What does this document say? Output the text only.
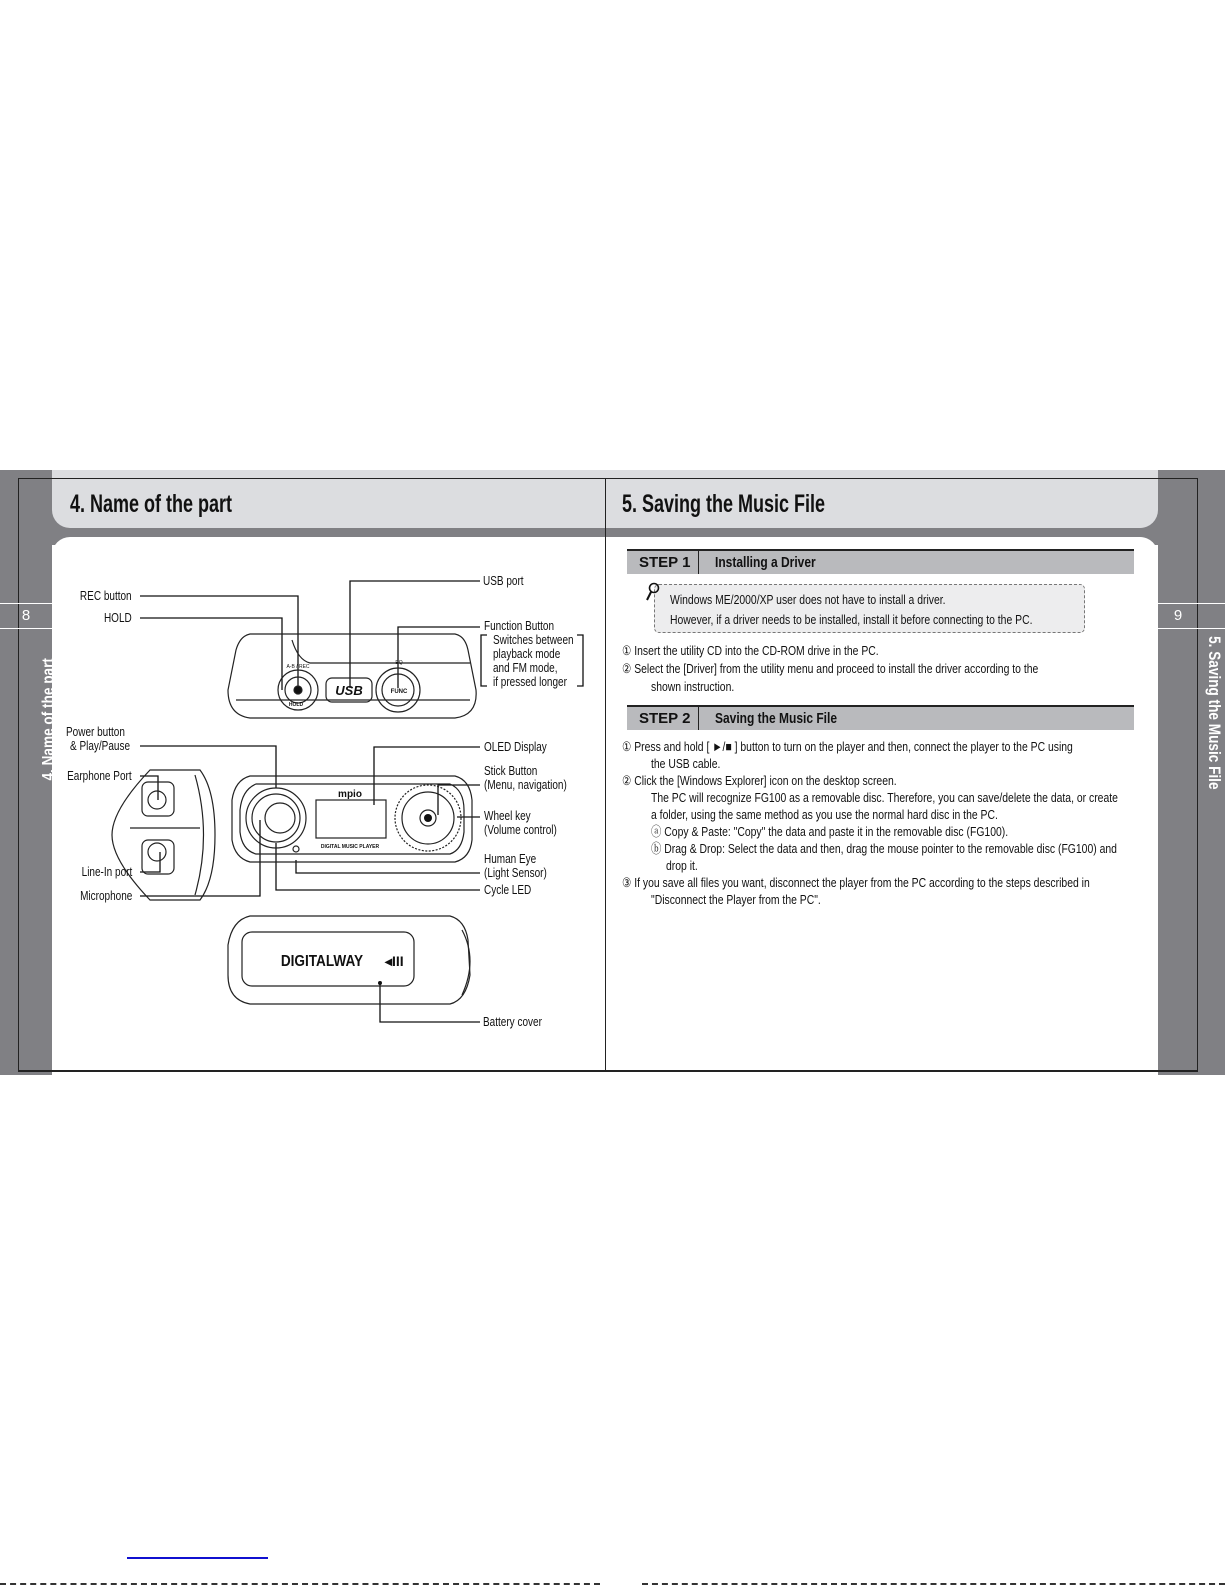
8	9
4. Name of the part	5. Saving the Music File
4. Name of the part	5. Saving the Music File
USB	FUNC
HOLD
A-B / REC
EQ
mpio
DIGITAL MUSIC PLAYER
DIGITALWAY ◂III
REC button
HOLD
USB port
Function Button
Switches between
playback mode
and FM mode,
if pressed longer
Power button
& Play/Pause
Earphone Port
Line-In port
Microphone
OLED Display
Stick Button
(Menu, navigation)
Wheel key
(Volume control)
Human Eye
(Light Sensor)
Cycle LED
Battery cover
STEP 1	Installing a Driver
Windows ME/2000/XP user does not have to install a driver.
However, if a driver needs to be installed, install it before connecting to the PC.
① Insert the utility CD into the CD-ROM drive in the PC.
② Select the [Driver] from the utility menu and proceed to install the driver according to the
shown instruction.
STEP 2	Saving the Music File
① Press and hold [ ►/■ ] button to turn on the player and then, connect the player to the PC using
the USB cable.
② Click the [Windows Explorer] icon on the desktop screen.
The PC will recognize FG100 as a removable disc. Therefore, you can save/delete the data, or create
a folder, using the same method as you use the normal hard disc in the PC.
ⓐ Copy & Paste: "Copy" the data and paste it in the removable disc (FG100).
ⓑ Drag & Drop: Select the data and then, drag the mouse pointer to the removable disc (FG100) and
drop it.
③ If you save all files you want, disconnect the player from the PC according to the steps described in
"Disconnect the Player from the PC".
